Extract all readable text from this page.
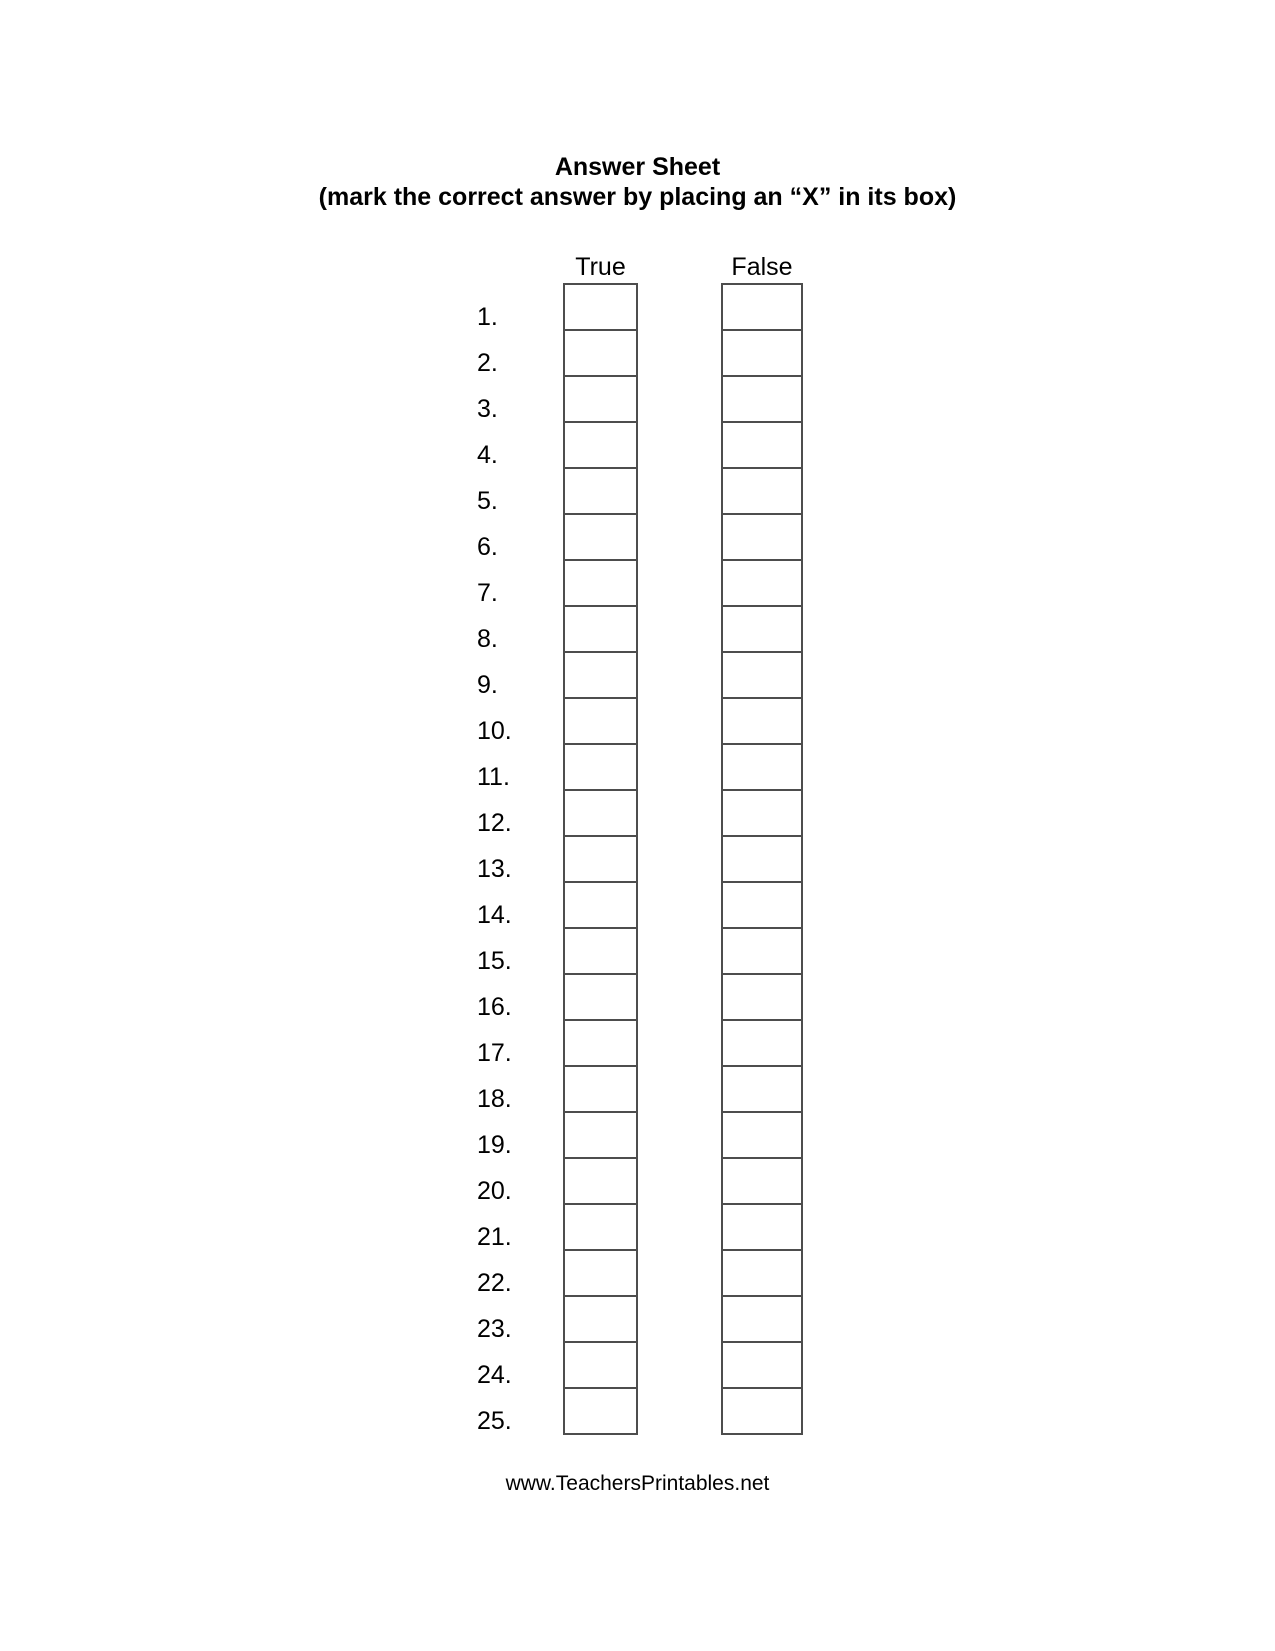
Answer Sheet
(mark the correct answer by placing an “X” in its box)
True	False
1.
2.
3.
4.
5.
6.
7.
8.
9.
10.
11.
12.
13.
14.
15.
16.
17.
18.
19.
20.
21.
22.
23.
24.
25.
www.TeachersPrintables.net
